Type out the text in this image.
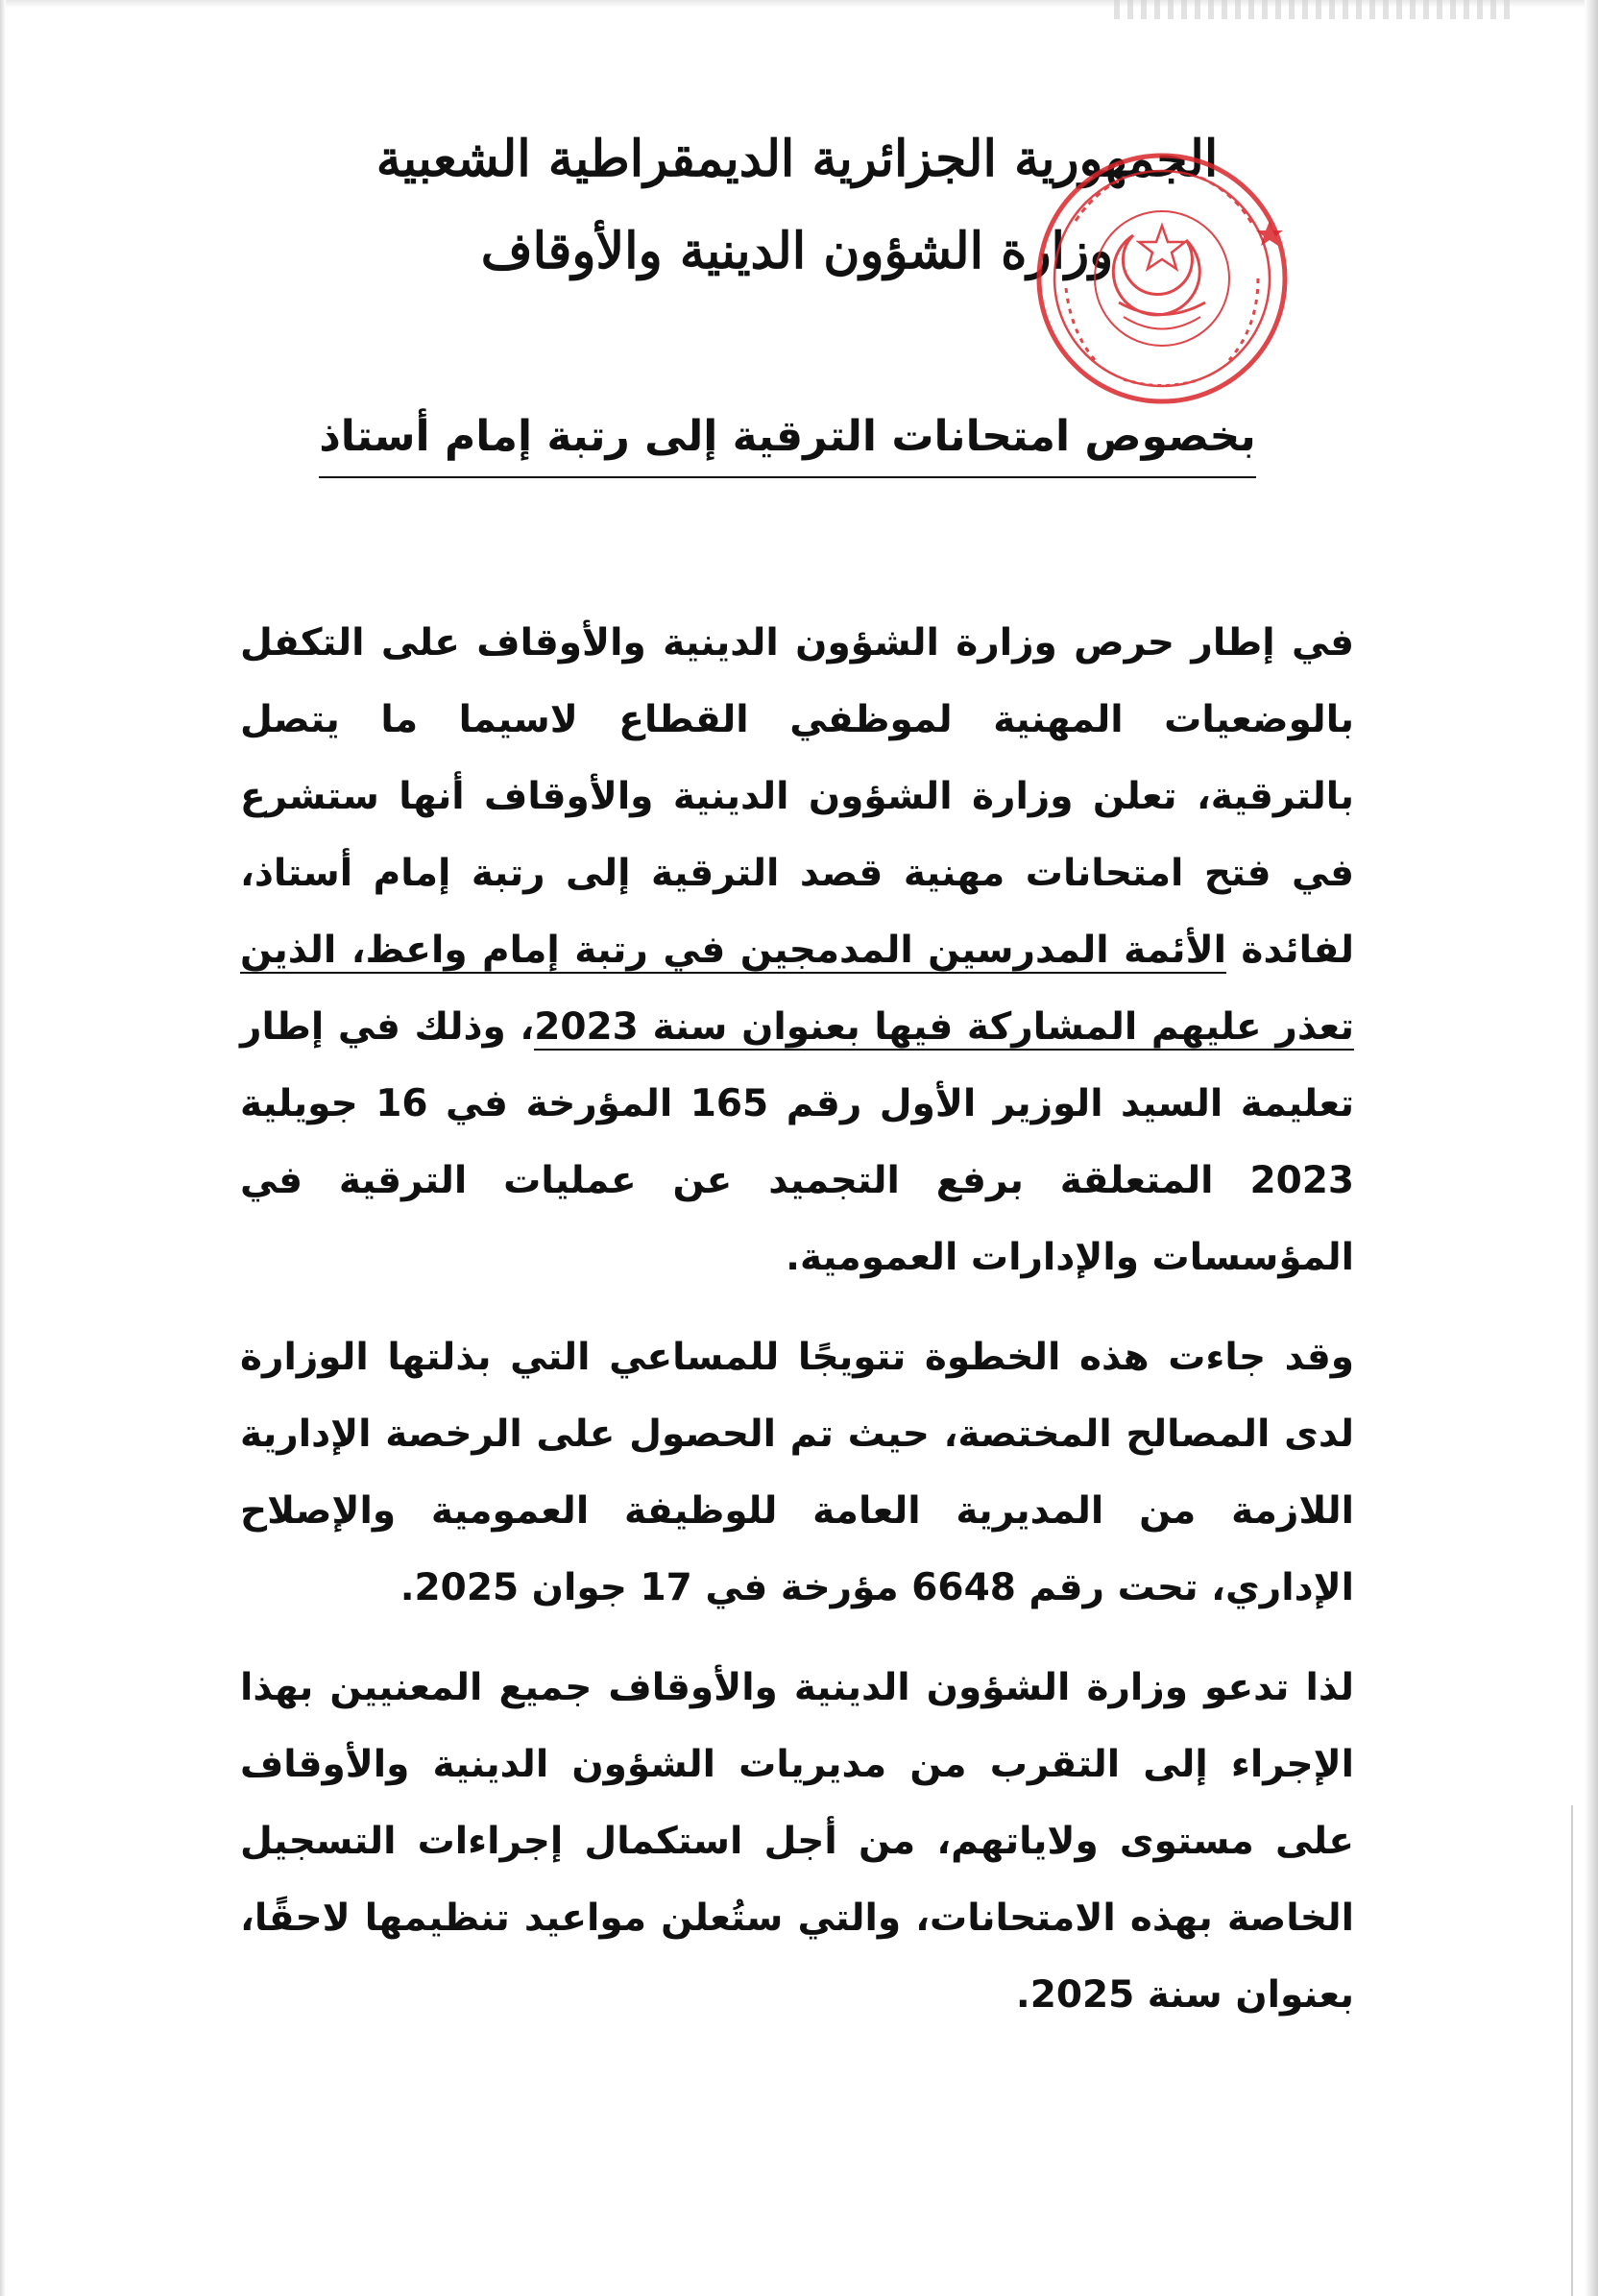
الجمهورية الجزائرية الديمقراطية الشعبية
وزارة الشؤون الدينية والأوقاف
بخصوص امتحانات الترقية إلى رتبة إمام أستاذ

في إطار حرص وزارة الشؤون الدينية والأوقاف على التكفل بالوضعيات المهنية لموظفي القطاع لاسيما ما يتصل بالترقية، تعلن وزارة الشؤون الدينية والأوقاف أنها ستشرع في فتح امتحانات مهنية قصد الترقية إلى رتبة إمام أستاذ، لفائدة الأئمة المدرسين المدمجين في رتبة إمام واعظ، الذين تعذر عليهم المشاركة فيها بعنوان سنة 2023، وذلك في إطار تعليمة السيد الوزير الأول رقم 165 المؤرخة في 16 جويلية 2023 المتعلقة برفع التجميد عن عمليات الترقية في المؤسسات والإدارات العمومية.

وقد جاءت هذه الخطوة تتويجًا للمساعي التي بذلتها الوزارة لدى المصالح المختصة، حيث تم الحصول على الرخصة الإدارية اللازمة من المديرية العامة للوظيفة العمومية والإصلاح الإداري، تحت رقم 6648 مؤرخة في 17 جوان 2025.

لذا تدعو وزارة الشؤون الدينية والأوقاف جميع المعنيين بهذا الإجراء إلى التقرب من مديريات الشؤون الدينية والأوقاف على مستوى ولاياتهم، من أجل استكمال إجراءات التسجيل الخاصة بهذه الامتحانات، والتي ستُعلن مواعيد تنظيمها لاحقًا، بعنوان سنة 2025.
